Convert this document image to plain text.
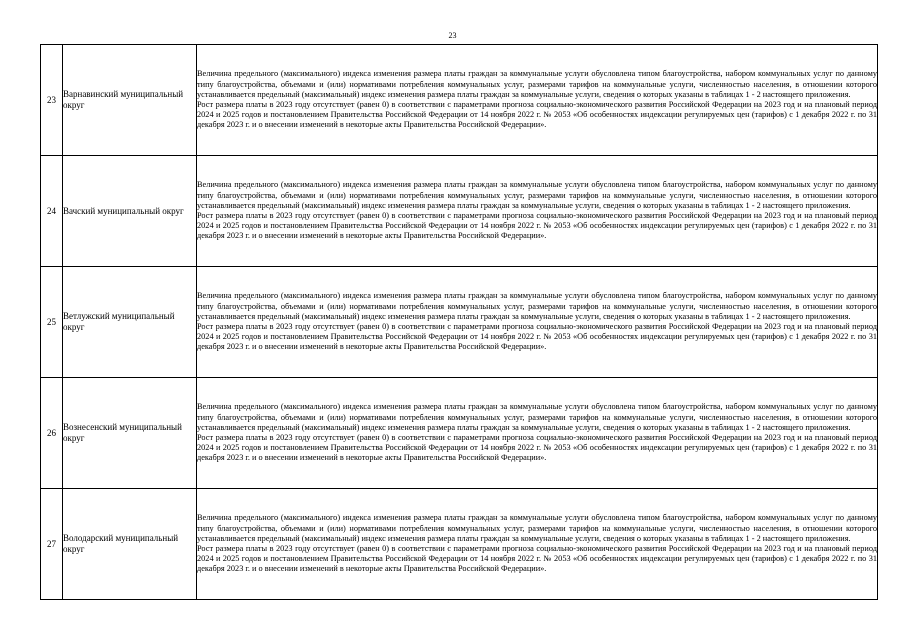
23
23	Варнавинский муниципальный округ	Величина предельного (максимального) индекса изменения размера платы граждан за коммунальные услуги обусловлена типом благоустройства, набором коммунальных услуг по данному типу благоустройства, объемами и (или) нормативами потребления коммунальных услуг, размерами тарифов на коммунальные услуги, численностью населения, в отношении которого устанавливается предельный (максимальный) индекс изменения размера платы граждан за коммунальные услуги, сведения о которых указаны в таблицах 1 - 2 настоящего приложения.
Рост размера платы в 2023 году отсутствует (равен 0) в соответствии с параметрами прогноза социально-экономического развития Российской Федерации на 2023 год и на плановый период 2024 и 2025 годов и постановлением Правительства Российской Федерации от 14 ноября 2022 г. № 2053 «Об особенностях индексации регулируемых цен (тарифов) с 1 декабря 2022 г. по 31 декабря 2023 г. и о внесении изменений в некоторые акты Правительства Российской Федерации».

24	Вачский муниципальный округ	Величина предельного (максимального) индекса изменения размера платы граждан за коммунальные услуги обусловлена типом благоустройства, набором коммунальных услуг по данному типу благоустройства, объемами и (или) нормативами потребления коммунальных услуг, размерами тарифов на коммунальные услуги, численностью населения, в отношении которого устанавливается предельный (максимальный) индекс изменения размера платы граждан за коммунальные услуги, сведения о которых указаны в таблицах 1 - 2 настоящего приложения.
Рост размера платы в 2023 году отсутствует (равен 0) в соответствии с параметрами прогноза социально-экономического развития Российской Федерации на 2023 год и на плановый период 2024 и 2025 годов и постановлением Правительства Российской Федерации от 14 ноября 2022 г. № 2053 «Об особенностях индексации регулируемых цен (тарифов) с 1 декабря 2022 г. по 31 декабря 2023 г. и о внесении изменений в некоторые акты Правительства Российской Федерации».

25	Ветлужский муниципальный округ	Величина предельного (максимального) индекса изменения размера платы граждан за коммунальные услуги обусловлена типом благоустройства, набором коммунальных услуг по данному типу благоустройства, объемами и (или) нормативами потребления коммунальных услуг, размерами тарифов на коммунальные услуги, численностью населения, в отношении которого устанавливается предельный (максимальный) индекс изменения размера платы граждан за коммунальные услуги, сведения о которых указаны в таблицах 1 - 2 настоящего приложения.
Рост размера платы в 2023 году отсутствует (равен 0) в соответствии с параметрами прогноза социально-экономического развития Российской Федерации на 2023 год и на плановый период 2024 и 2025 годов и постановлением Правительства Российской Федерации от 14 ноября 2022 г. № 2053 «Об особенностях индексации регулируемых цен (тарифов) с 1 декабря 2022 г. по 31 декабря 2023 г. и о внесении изменений в некоторые акты Правительства Российской Федерации».

26	Вознесенский муниципальный округ	Величина предельного (максимального) индекса изменения размера платы граждан за коммунальные услуги обусловлена типом благоустройства, набором коммунальных услуг по данному типу благоустройства, объемами и (или) нормативами потребления коммунальных услуг, размерами тарифов на коммунальные услуги, численностью населения, в отношении которого устанавливается предельный (максимальный) индекс изменения размера платы граждан за коммунальные услуги, сведения о которых указаны в таблицах 1 - 2 настоящего приложения.
Рост размера платы в 2023 году отсутствует (равен 0) в соответствии с параметрами прогноза социально-экономического развития Российской Федерации на 2023 год и на плановый период 2024 и 2025 годов и постановлением Правительства Российской Федерации от 14 ноября 2022 г. № 2053 «Об особенностях индексации регулируемых цен (тарифов) с 1 декабря 2022 г. по 31 декабря 2023 г. и о внесении изменений в некоторые акты Правительства Российской Федерации».

27	Володарский муниципальный округ	Величина предельного (максимального) индекса изменения размера платы граждан за коммунальные услуги обусловлена типом благоустройства, набором коммунальных услуг по данному типу благоустройства, объемами и (или) нормативами потребления коммунальных услуг, размерами тарифов на коммунальные услуги, численностью населения, в отношении которого устанавливается предельный (максимальный) индекс изменения размера платы граждан за коммунальные услуги, сведения о которых указаны в таблицах 1 - 2 настоящего приложения.
Рост размера платы в 2023 году отсутствует (равен 0) в соответствии с параметрами прогноза социально-экономического развития Российской Федерации на 2023 год и на плановый период 2024 и 2025 годов и постановлением Правительства Российской Федерации от 14 ноября 2022 г. № 2053 «Об особенностях индексации регулируемых цен (тарифов) с 1 декабря 2022 г. по 31 декабря 2023 г. и о внесении изменений в некоторые акты Правительства Российской Федерации».
